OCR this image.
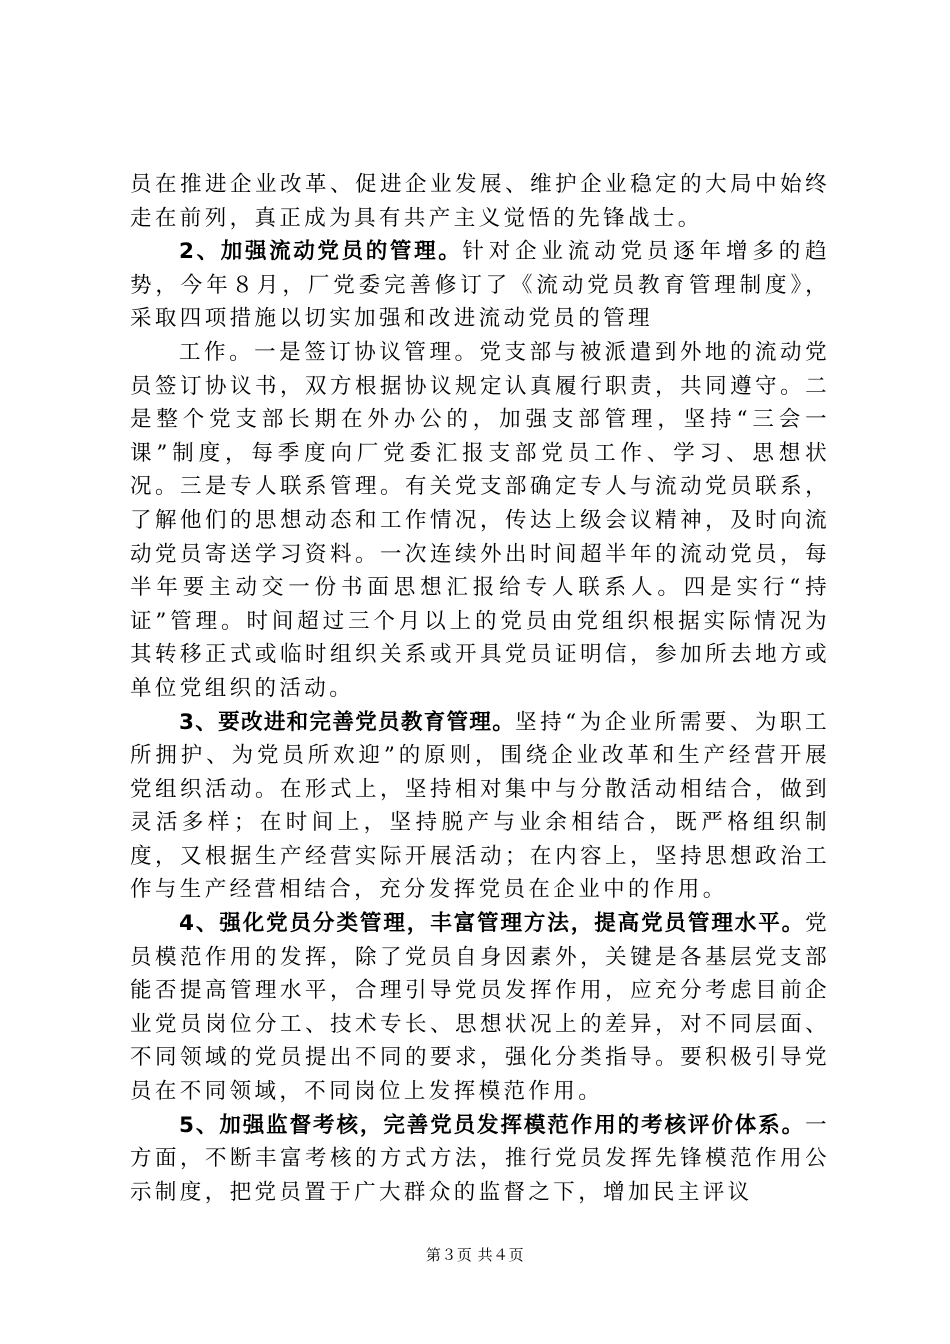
员在推进企业改革、促进企业发展、维护企业稳定的大局中始终走在前列，真正成为具有共产主义觉悟的先锋战士。

2、加强流动党员的管理。针对企业流动党员逐年增多的趋势，今年８月，厂党委完善修订了《流动党员教育管理制度》，采取四项措施以切实加强和改进流动党员的管理

工作。一是签订协议管理。党支部与被派遣到外地的流动党员签订协议书，双方根据协议规定认真履行职责，共同遵守。二是整个党支部长期在外办公的，加强支部管理，坚持“三会一课”制度，每季度向厂党委汇报支部党员工作、学习、思想状况。三是专人联系管理。有关党支部确定专人与流动党员联系，了解他们的思想动态和工作情况，传达上级会议精神，及时向流动党员寄送学习资料。一次连续外出时间超半年的流动党员，每半年要主动交一份书面思想汇报给专人联系人。四是实行“持证”管理。时间超过三个月以上的党员由党组织根据实际情况为其转移正式或临时组织关系或开具党员证明信，参加所去地方或单位党组织的活动。

3、要改进和完善党员教育管理。坚持“为企业所需要、为职工所拥护、为党员所欢迎”的原则，围绕企业改革和生产经营开展党组织活动。在形式上，坚持相对集中与分散活动相结合，做到灵活多样；在时间上，坚持脱产与业余相结合，既严格组织制度，又根据生产经营实际开展活动；在内容上，坚持思想政治工作与生产经营相结合，充分发挥党员在企业中的作用。

4、强化党员分类管理，丰富管理方法，提高党员管理水平。党员模范作用的发挥，除了党员自身因素外，关键是各基层党支部能否提高管理水平，合理引导党员发挥作用，应充分考虑目前企业党员岗位分工、技术专长、思想状况上的差异，对不同层面、不同领域的党员提出不同的要求，强化分类指导。要积极引导党员在不同领域，不同岗位上发挥模范作用。

5、加强监督考核，完善党员发挥模范作用的考核评价体系。一方面，不断丰富考核的方式方法，推行党员发挥先锋模范作用公示制度，把党员置于广大群众的监督之下，增加民主评议

第３页 共４页
